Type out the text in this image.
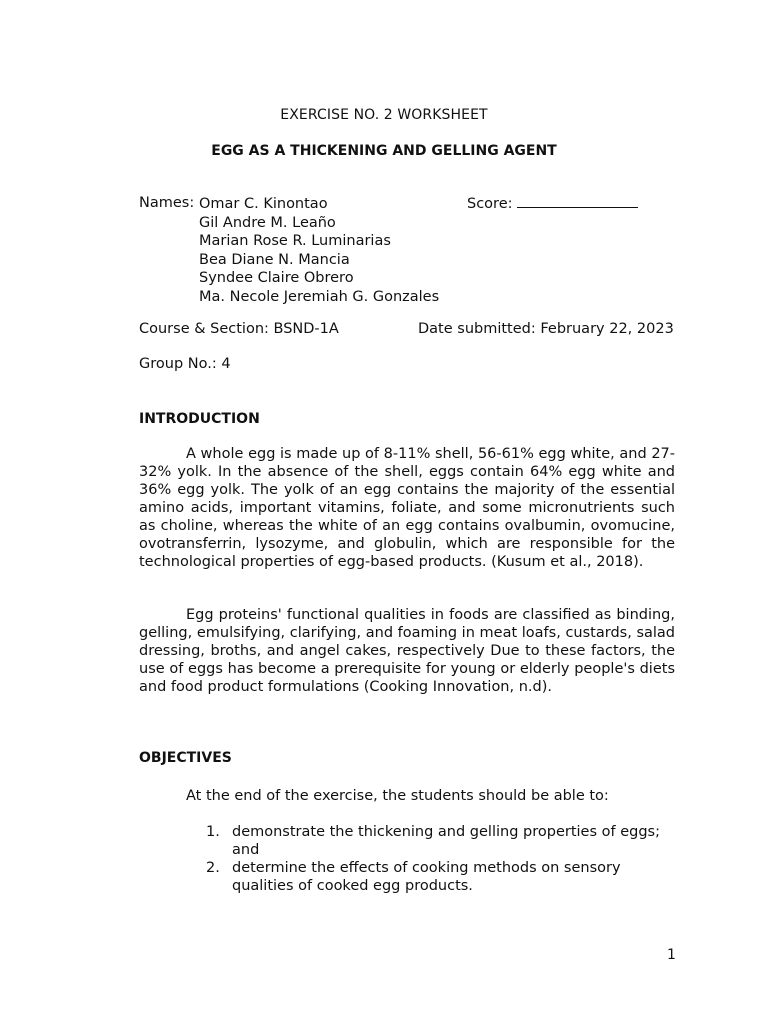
EXERCISE NO. 2 WORKSHEET
EGG AS A THICKENING AND GELLING AGENT
Names: Omar C. Kinontao
Gil Andre M. Leaño
Marian Rose R. Luminarias
Bea Diane N. Mancia
Syndee Claire Obrero
Ma. Necole Jeremiah G. Gonzales
Score:
Course & Section: BSND-1A	Date submitted: February 22, 2023
Group No.: 4
INTRODUCTION
A whole egg is made up of 8-11% shell, 56-61% egg white, and 27-32% yolk. In the absence of the shell, eggs contain 64% egg white and 36% egg yolk. The yolk of an egg contains the majority of the essential amino acids, important vitamins, foliate, and some micronutrients such as choline, whereas the white of an egg contains ovalbumin, ovomucine, ovotransferrin, lysozyme, and globulin, which are responsible for the technological properties of egg-based products. (Kusum et al., 2018).
Egg proteins' functional qualities in foods are classified as binding, gelling, emulsifying, clarifying, and foaming in meat loafs, custards, salad dressing, broths, and angel cakes, respectively Due to these factors, the use of eggs has become a prerequisite for young or elderly people's diets and food product formulations (Cooking Innovation, n.d).
OBJECTIVES
At the end of the exercise, the students should be able to:
1. demonstrate the thickening and gelling properties of eggs; and
2. determine the effects of cooking methods on sensory qualities of cooked egg products.
1
